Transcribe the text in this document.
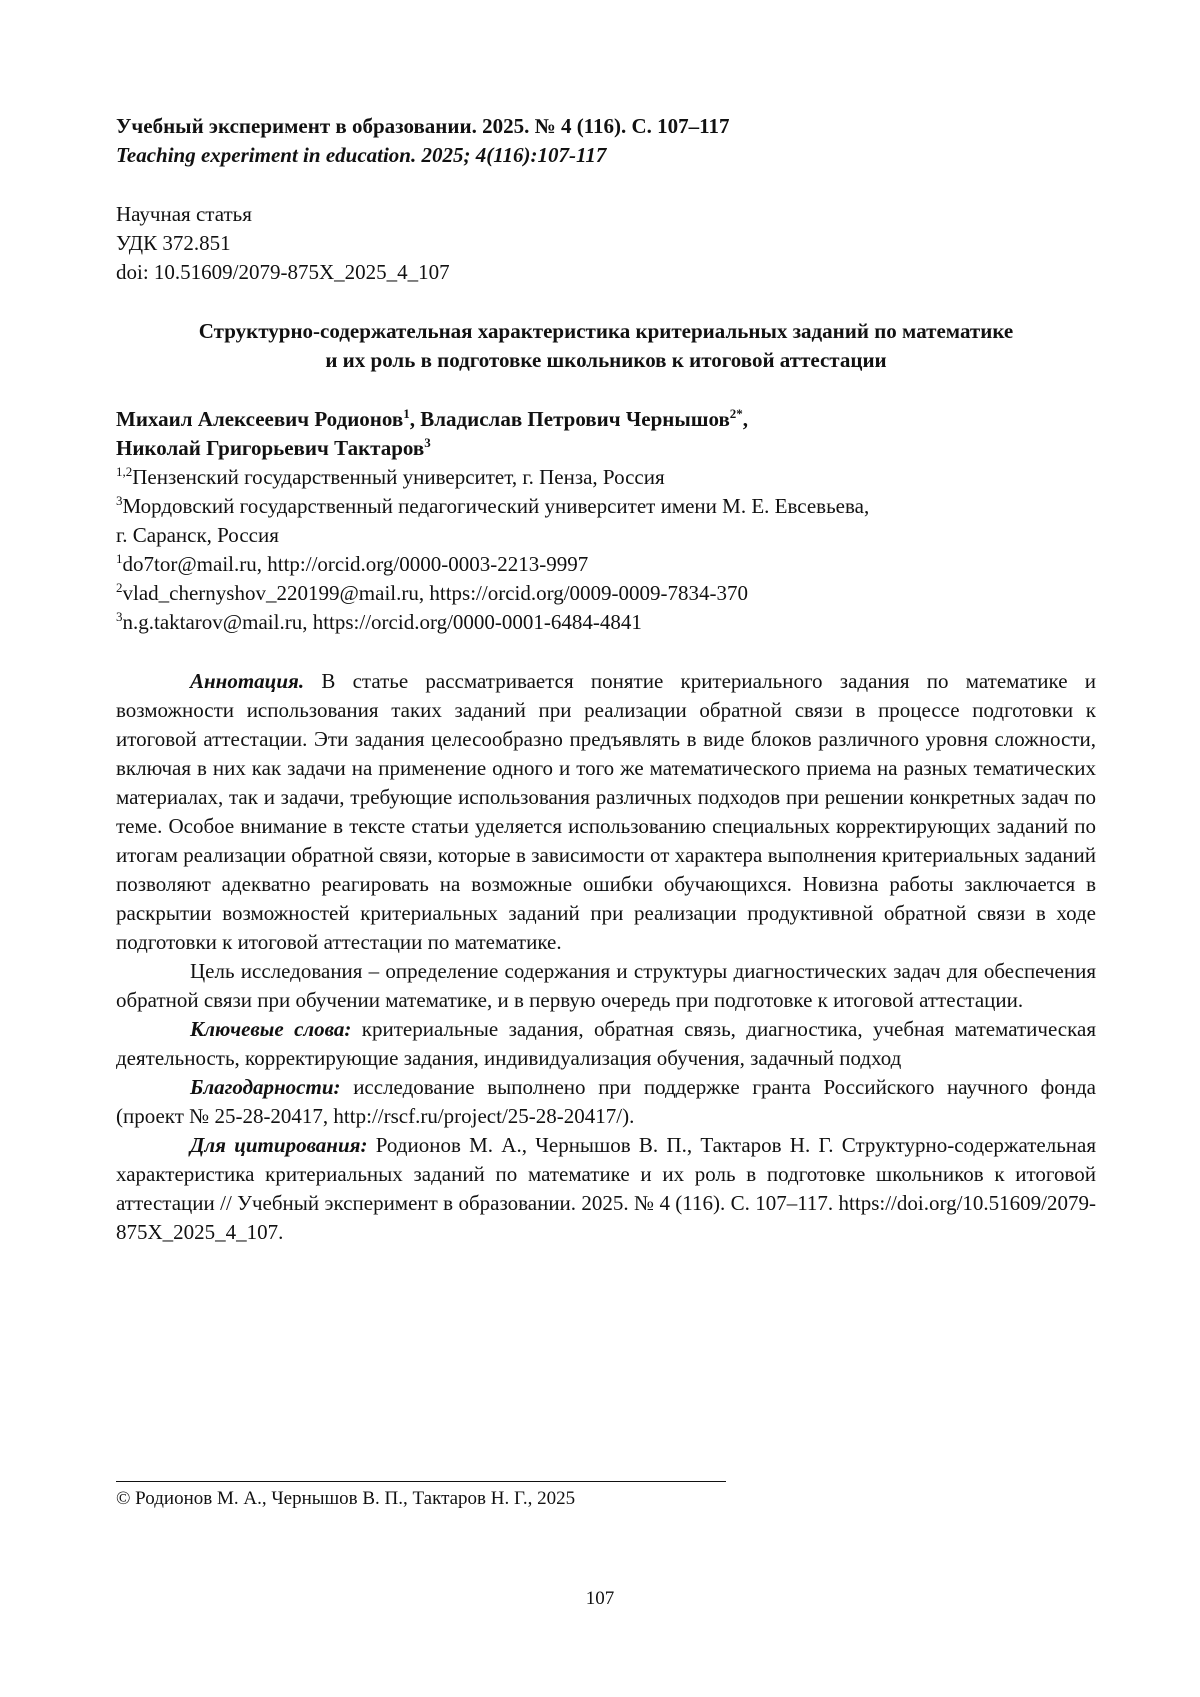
Учебный эксперимент в образовании. 2025. № 4 (116). С. 107–117
Teaching experiment in education. 2025; 4(116):107-117
Научная статья
УДК 372.851
doi: 10.51609/2079-875X_2025_4_107
Структурно-содержательная характеристика критериальных заданий по математике
и их роль в подготовке школьников к итоговой аттестации
Михаил Алексеевич Родионов$^1$, Владислав Петрович Чернышов$^{2*}$,
Николай Григорьевич Тактаров$^3$
$^{1,2}$Пензенский государственный университет, г. Пенза, Россия
$^3$Мордовский государственный педагогический университет имени М. Е. Евсевьева,
г. Саранск, Россия
$^1$do7tor@mail.ru, http://orcid.org/0000-0003-2213-9997
$^2$vlad_chernyshov_220199@mail.ru, https://orcid.org/0009-0009-7834-370
$^3$n.g.taktarov@mail.ru, https://orcid.org/0000-0001-6484-4841

Аннотация. В статье рассматривается понятие критериального задания по математике и возможности использования таких заданий при реализации обратной связи в процессе подготовки к итоговой аттестации. Эти задания целесообразно предъявлять в виде блоков различного уровня сложности, включая в них как задачи на применение одного и того же математического приема на разных тематических материалах, так и задачи, требующие использования различных подходов при решении конкретных задач по теме. Особое внимание в тексте статьи уделяется использованию специальных корректирующих заданий по итогам реализации обратной связи, которые в зависимости от характера выполнения критериальных заданий позволяют адекватно реагировать на возможные ошибки обучающихся. Новизна работы заключается в раскрытии возможностей критериальных заданий при реализации продуктивной обратной связи в ходе подготовки к итоговой аттестации по математике.

Цель исследования – определение содержания и структуры диагностических задач для обеспечения обратной связи при обучении математике, и в первую очередь при подготовке к итоговой аттестации.

Ключевые слова: критериальные задания, обратная связь, диагностика, учебная математическая деятельность, корректирующие задания, индивидуализация обучения, задачный подход

Благодарности: исследование выполнено при поддержке гранта Российского научного фонда (проект № 25-28-20417, http://rscf.ru/project/25-28-20417/).

Для цитирования: Родионов М. А., Чернышов В. П., Тактаров Н. Г. Структурно-содержательная характеристика критериальных заданий по математике и их роль в подготовке школьников к итоговой аттестации // Учебный эксперимент в образовании. 2025. № 4 (116). С. 107–117. https://doi.org/10.51609/2079-875X_2025_4_107.

© Родионов М. А., Чернышов В. П., Тактаров Н. Г., 2025
107
